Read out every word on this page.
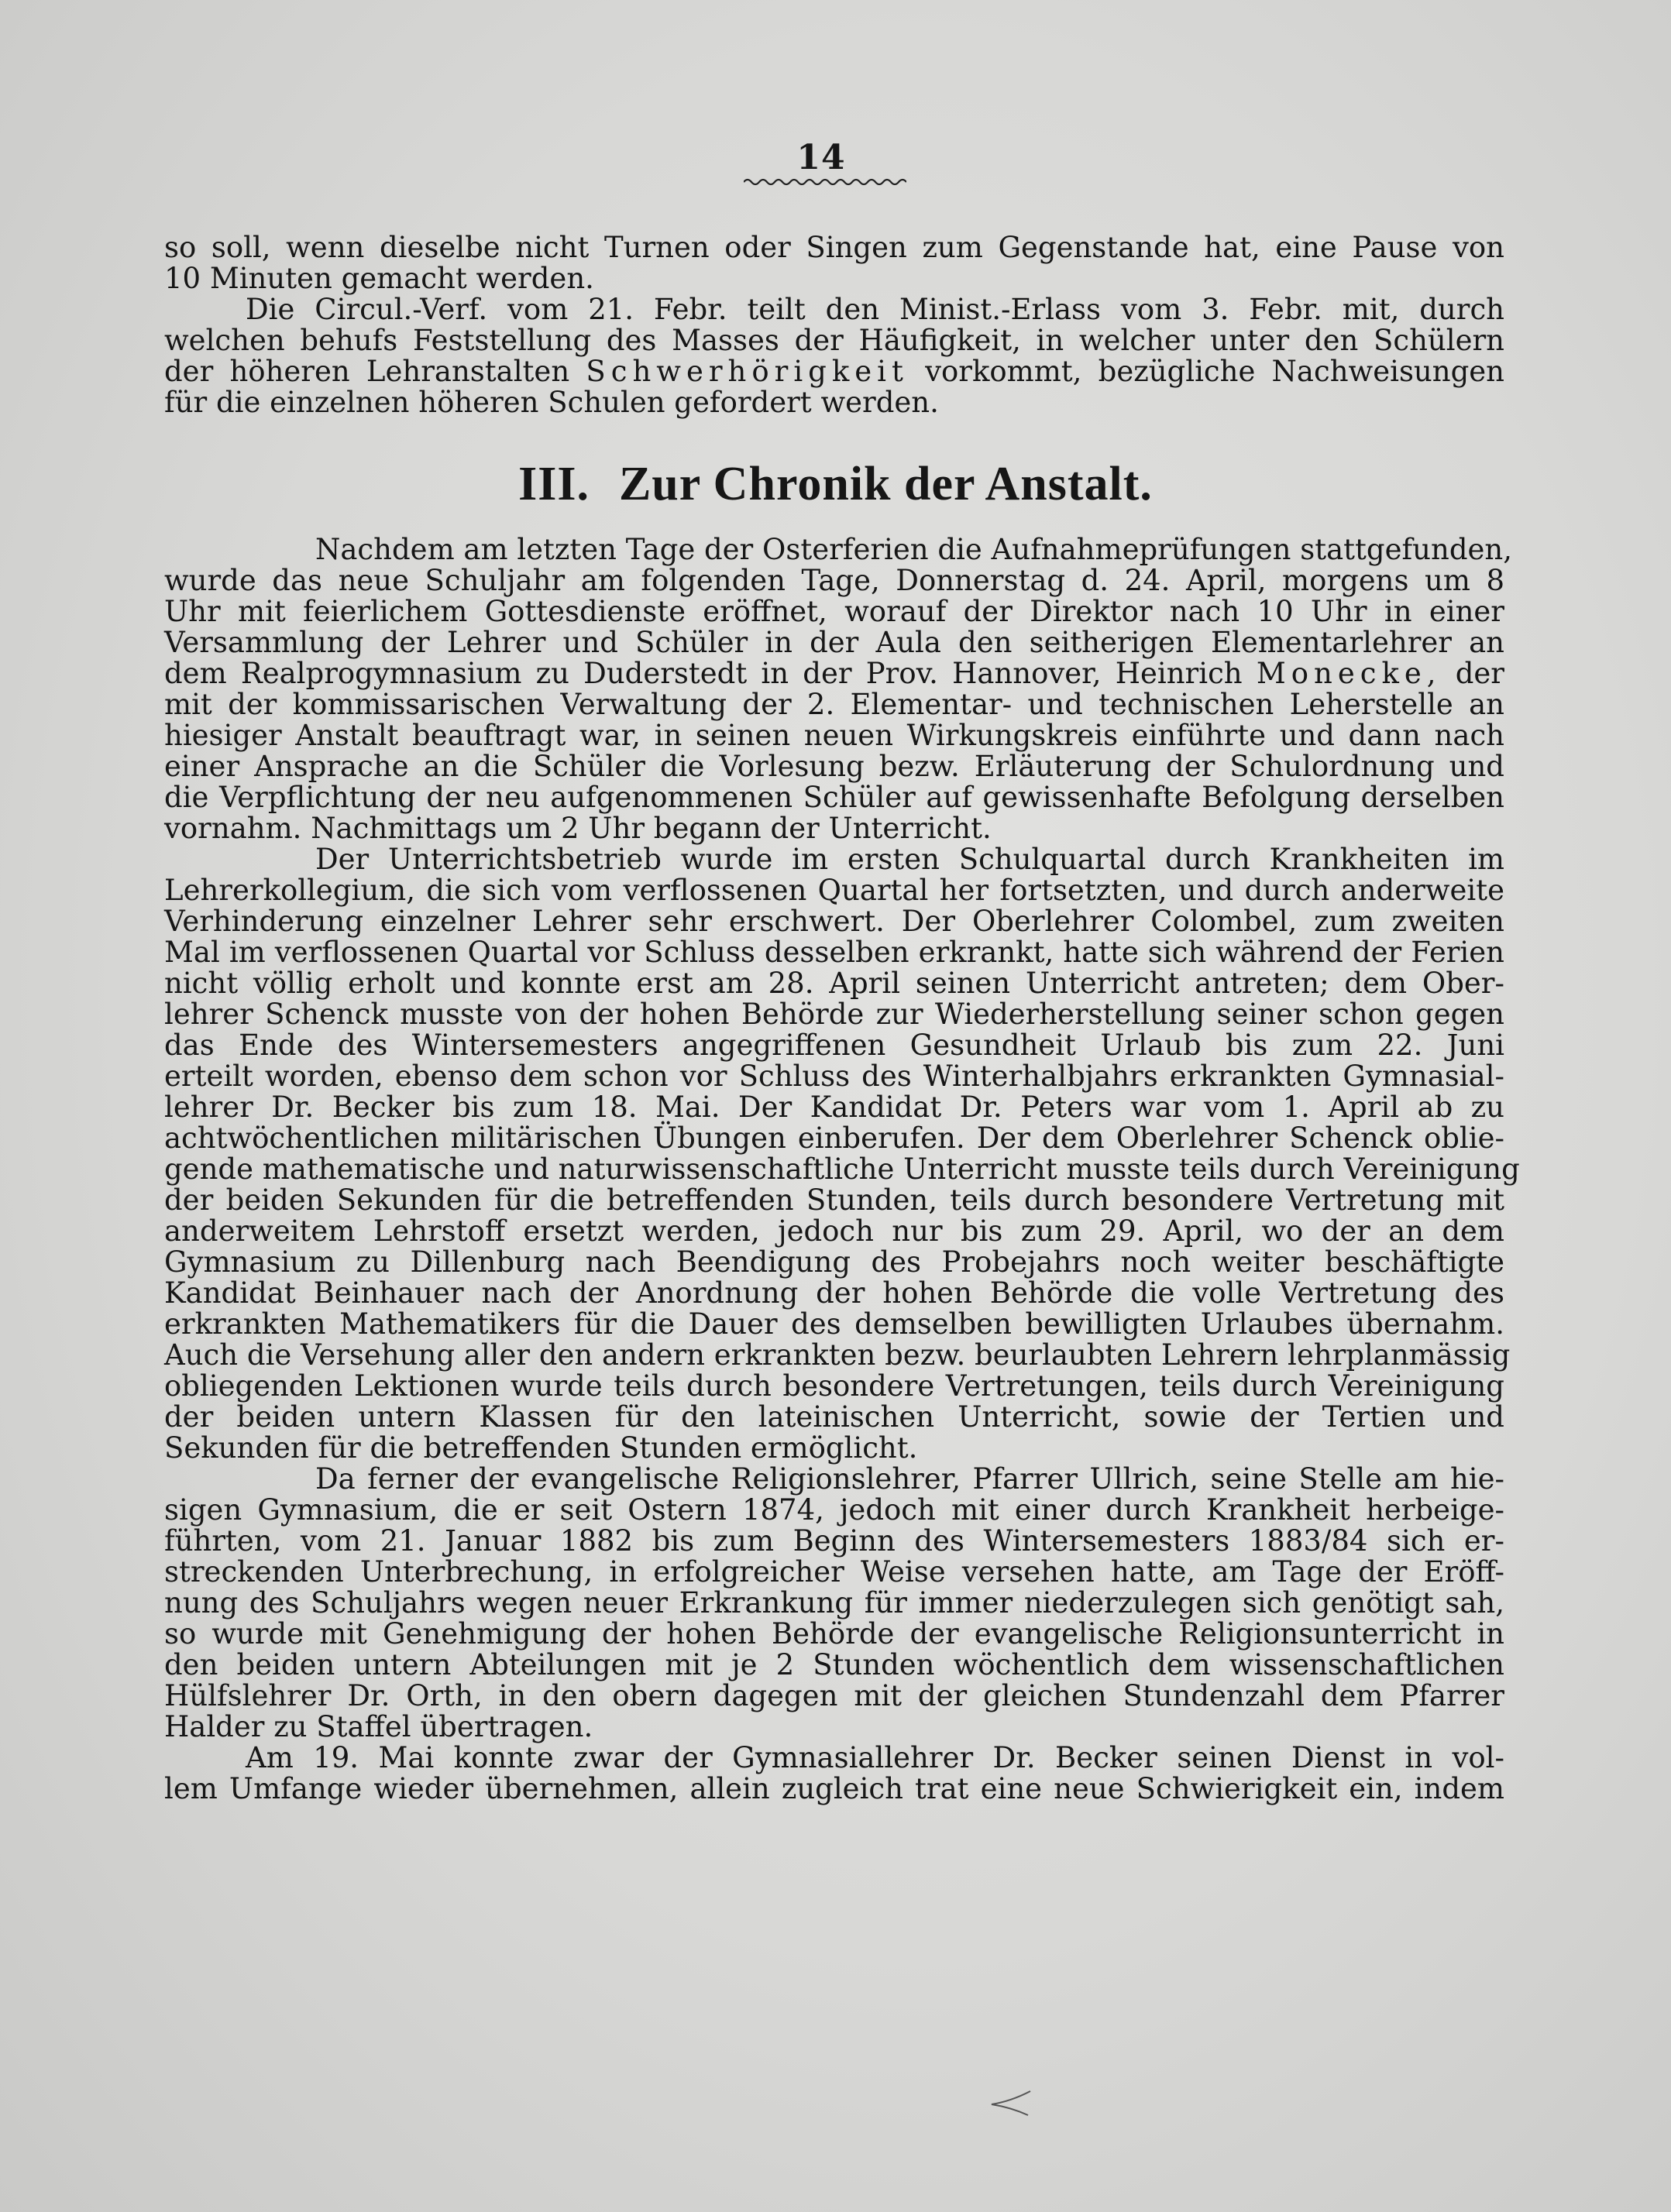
14
so soll, wenn dieselbe nicht Turnen oder Singen zum Gegenstande hat, eine Pause von
10 Minuten gemacht werden.
Die Circul.-Verf. vom 21. Febr. teilt den Minist.-Erlass vom 3. Febr. mit, durch
welchen behufs Feststellung des Masses der Häufigkeit, in welcher unter den Schülern
der höheren Lehranstalten Schwerhörigkeit vorkommt, bezügliche Nachweisungen
für die einzelnen höheren Schulen gefordert werden.
III. Zur Chronik der Anstalt.
Nachdem am letzten Tage der Osterferien die Aufnahmeprüfungen stattgefunden,
wurde das neue Schuljahr am folgenden Tage, Donnerstag d. 24. April, morgens um 8
Uhr mit feierlichem Gottesdienste eröffnet, worauf der Direktor nach 10 Uhr in einer
Versammlung der Lehrer und Schüler in der Aula den seitherigen Elementarlehrer an
dem Realprogymnasium zu Duderstedt in der Prov. Hannover, Heinrich Monecke, der
mit der kommissarischen Verwaltung der 2. Elementar- und technischen Leherstelle an
hiesiger Anstalt beauftragt war, in seinen neuen Wirkungskreis einführte und dann nach
einer Ansprache an die Schüler die Vorlesung bezw. Erläuterung der Schulordnung und
die Verpflichtung der neu aufgenommenen Schüler auf gewissenhafte Befolgung derselben
vornahm. Nachmittags um 2 Uhr begann der Unterricht.
Der Unterrichtsbetrieb wurde im ersten Schulquartal durch Krankheiten im
Lehrerkollegium, die sich vom verflossenen Quartal her fortsetzten, und durch anderweite
Verhinderung einzelner Lehrer sehr erschwert. Der Oberlehrer Colombel, zum zweiten
Mal im verflossenen Quartal vor Schluss desselben erkrankt, hatte sich während der Ferien
nicht völlig erholt und konnte erst am 28. April seinen Unterricht antreten; dem Ober-
lehrer Schenck musste von der hohen Behörde zur Wiederherstellung seiner schon gegen
das Ende des Wintersemesters angegriffenen Gesundheit Urlaub bis zum 22. Juni
erteilt worden, ebenso dem schon vor Schluss des Winterhalbjahrs erkrankten Gymnasial-
lehrer Dr. Becker bis zum 18. Mai. Der Kandidat Dr. Peters war vom 1. April ab zu
achtwöchentlichen militärischen Übungen einberufen. Der dem Oberlehrer Schenck oblie-
gende mathematische und naturwissenschaftliche Unterricht musste teils durch Vereinigung
der beiden Sekunden für die betreffenden Stunden, teils durch besondere Vertretung mit
anderweitem Lehrstoff ersetzt werden, jedoch nur bis zum 29. April, wo der an dem
Gymnasium zu Dillenburg nach Beendigung des Probejahrs noch weiter beschäftigte
Kandidat Beinhauer nach der Anordnung der hohen Behörde die volle Vertretung des
erkrankten Mathematikers für die Dauer des demselben bewilligten Urlaubes übernahm.
Auch die Versehung aller den andern erkrankten bezw. beurlaubten Lehrern lehrplanmässig
obliegenden Lektionen wurde teils durch besondere Vertretungen, teils durch Vereinigung
der beiden untern Klassen für den lateinischen Unterricht, sowie der Tertien und
Sekunden für die betreffenden Stunden ermöglicht.
Da ferner der evangelische Religionslehrer, Pfarrer Ullrich, seine Stelle am hie-
sigen Gymnasium, die er seit Ostern 1874, jedoch mit einer durch Krankheit herbeige-
führten, vom 21. Januar 1882 bis zum Beginn des Wintersemesters 1883/84 sich er-
streckenden Unterbrechung, in erfolgreicher Weise versehen hatte, am Tage der Eröff-
nung des Schuljahrs wegen neuer Erkrankung für immer niederzulegen sich genötigt sah,
so wurde mit Genehmigung der hohen Behörde der evangelische Religionsunterricht in
den beiden untern Abteilungen mit je 2 Stunden wöchentlich dem wissenschaftlichen
Hülfslehrer Dr. Orth, in den obern dagegen mit der gleichen Stundenzahl dem Pfarrer
Halder zu Staffel übertragen.
Am 19. Mai konnte zwar der Gymnasiallehrer Dr. Becker seinen Dienst in vol-
lem Umfange wieder übernehmen, allein zugleich trat eine neue Schwierigkeit ein, indem
